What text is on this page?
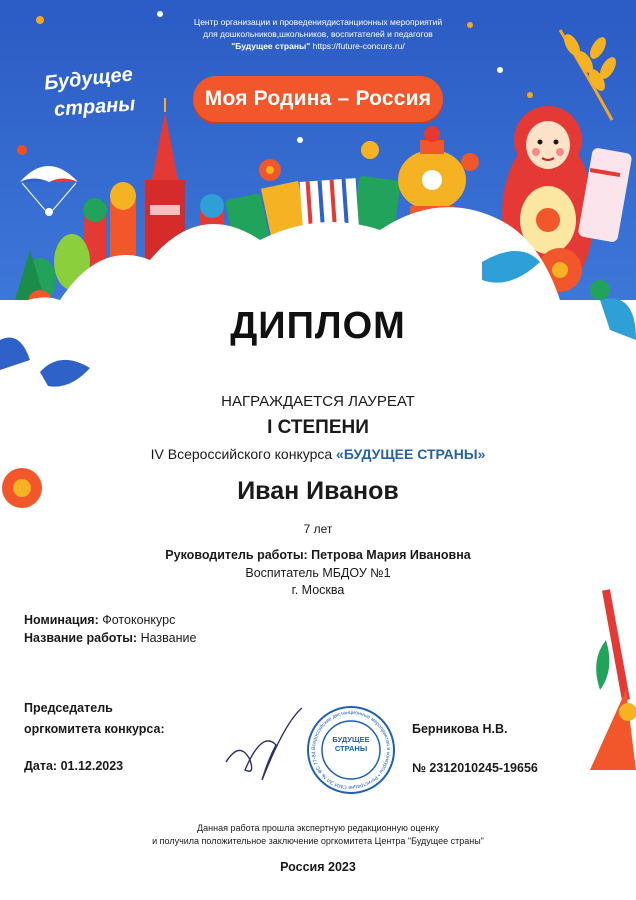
Центр организации и проведениядистанционных мероприятий
для дошкольников,школьников, воспитателей и педагогов
"Будущее страны" https://future-concurs.ru/
Будущее
страны	Моя Родина – Россия
ДИПЛОМ
НАГРАЖДАЕТСЯ ЛАУРЕАТ
I СТЕПЕНИ
IV Всероссийского конкурса «БУДУЩЕЕ СТРАНЫ»
Иван Иванов
7 лет
Руководитель работы: Петрова Мария Ивановна
Воспитатель МБДОУ №1
г. Москва
Номинация: Фотоконкурс
Название работы: Название
Председатель
оргкомитета конкурса:
Дата: 01.12.2023
Берникова Н.В.
№ 2312010245-19656
Всероссийские дистанционные мероприятия и конкурсы • Регистрация СМИ ЭЛ № ФС 77-84
БУДУЩЕЕ
СТРАНЫ
Данная работа прошла экспертную редакционную оценку
и получила положительное заключение оргкомитета Центра "Будущее страны"
Россия 2023
